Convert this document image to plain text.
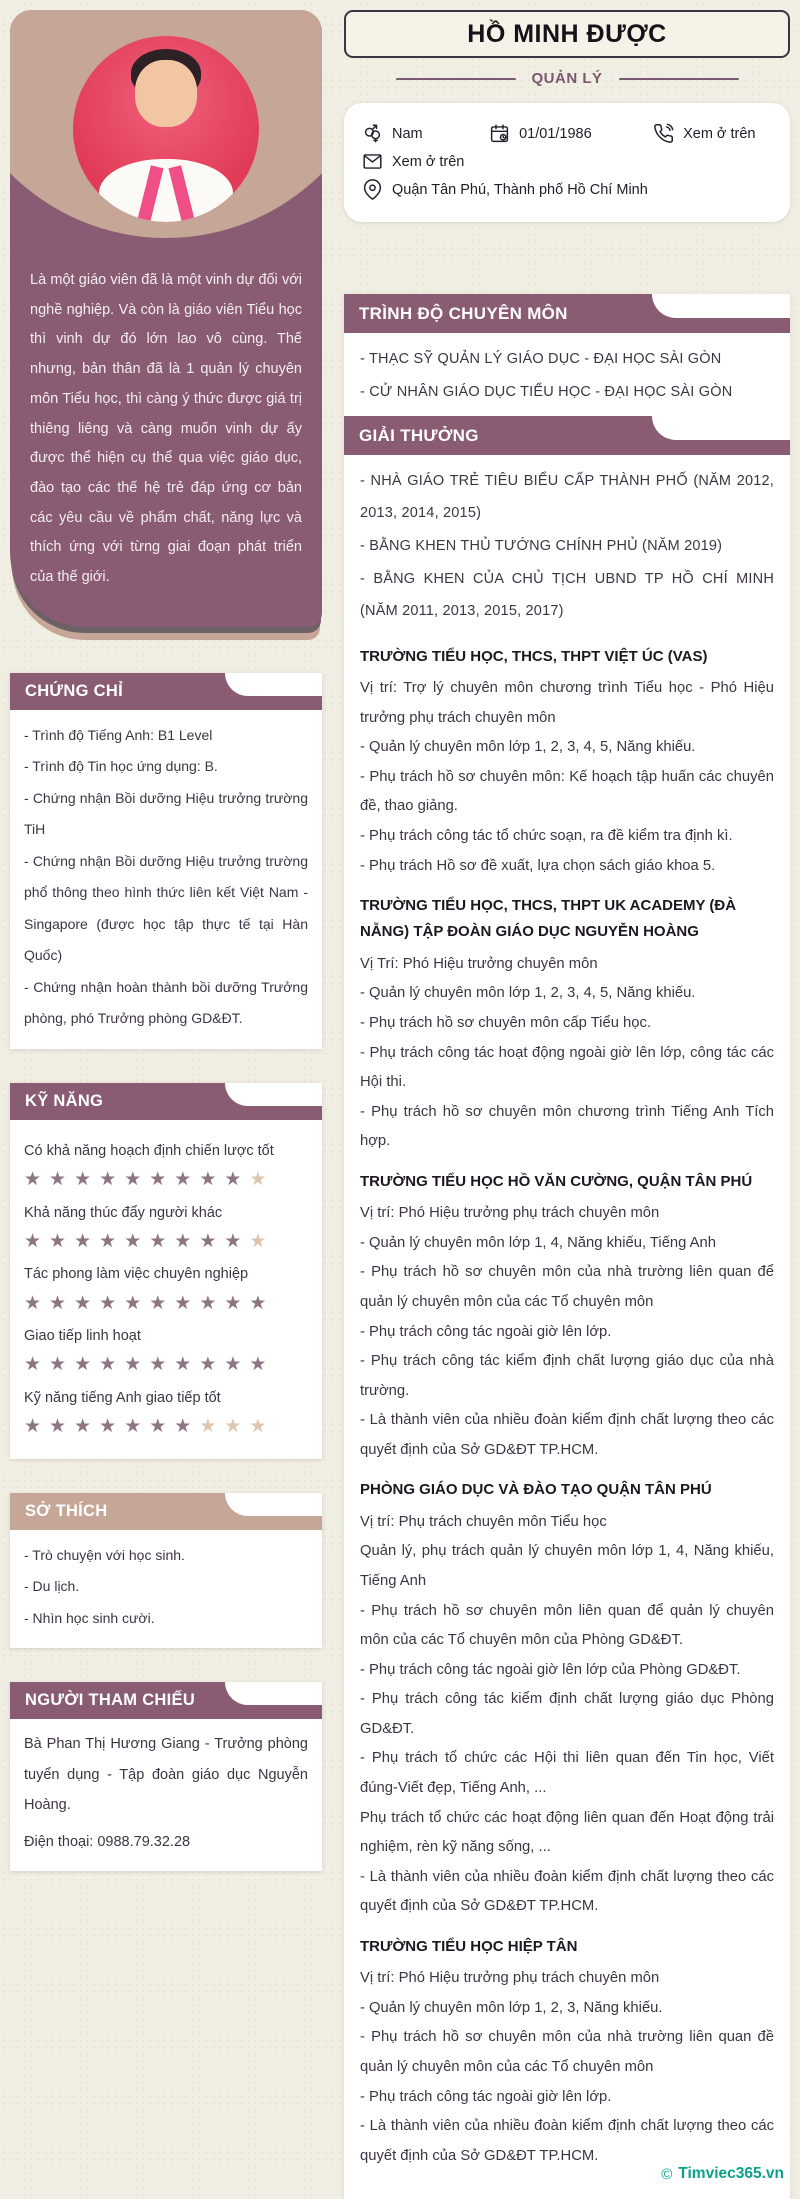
Là một giáo viên đã là một vinh dự đối với nghề nghiệp. Và còn là giáo viên Tiểu học thì vinh dự đó lớn lao vô cùng. Thế nhưng, bản thân đã là 1 quản lý chuyên môn Tiểu học, thì càng ý thức được giá trị thiêng liêng và càng muốn vinh dự ấy được thể hiện cụ thể qua việc giáo dục, đào tạo các thế hệ trẻ đáp ứng cơ bản các yêu cầu về phẩm chất, năng lực và thích ứng với từng giai đoạn phát triển của thế giới.

CHỨNG CHỈ

- Trình độ Tiếng Anh: B1 Level

- Trình độ Tin học ứng dụng: B.

- Chứng nhận Bồi dưỡng Hiệu trưởng trường TiH

- Chứng nhận Bồi dưỡng Hiệu trưởng trường phổ thông theo hình thức liên kết Việt Nam - Singapore (được học tập thực tế tại Hàn Quốc)

- Chứng nhận hoàn thành bồi dưỡng Trưởng phòng, phó Trưởng phòng GD&ĐT.

KỸ NĂNG

Có khả năng hoạch định chiến lược tốt

★ ★ ★ ★ ★ ★ ★ ★ ★ ★

Khả năng thúc đẩy người khác

★ ★ ★ ★ ★ ★ ★ ★ ★ ★

Tác phong làm việc chuyên nghiệp

★ ★ ★ ★ ★ ★ ★ ★ ★ ★

Giao tiếp linh hoạt

★ ★ ★ ★ ★ ★ ★ ★ ★ ★

Kỹ năng tiếng Anh giao tiếp tốt

★ ★ ★ ★ ★ ★ ★ ★ ★ ★
SỞ THÍCH

- Trò chuyện với học sinh.

- Du lịch.

- Nhìn học sinh cười.

NGƯỜI THAM CHIẾU

Bà Phan Thị Hương Giang - Trưởng phòng tuyển dụng - Tập đoàn giáo dục Nguyễn Hoàng.

Điện thoại: 0988.79.32.28

HỒ MINH ĐƯỢC
QUẢN LÝ
Nam	01/01/1986	Xem ở trên
Xem ở trên
Quận Tân Phú, Thành phố Hồ Chí Minh
TRÌNH ĐỘ CHUYÊN MÔN

- THẠC SỸ QUẢN LÝ GIÁO DỤC - ĐẠI HỌC SÀI GÒN

- CỬ NHÂN GIÁO DỤC TIỂU HỌC - ĐẠI HỌC SÀI GÒN

GIẢI THƯỞNG

- NHÀ GIÁO TRẺ TIÊU BIỂU CẤP THÀNH PHỐ (NĂM 2012, 2013, 2014, 2015)

- BẰNG KHEN THỦ TƯỚNG CHÍNH PHỦ (NĂM 2019)

- BẰNG KHEN CỦA CHỦ TỊCH UBND TP HỒ CHÍ MINH (NĂM 2011, 2013, 2015, 2017)

TRƯỜNG TIỂU HỌC, THCS, THPT VIỆT ÚC (VAS)

Vị trí: Trợ lý chuyên môn chương trình Tiểu học - Phó Hiệu trưởng phụ trách chuyên môn

- Quản lý chuyên môn lớp 1, 2, 3, 4, 5, Năng khiếu.

- Phụ trách hồ sơ chuyên môn: Kế hoạch tập huấn các chuyên đề, thao giảng.

- Phụ trách công tác tổ chức soạn, ra đề kiểm tra định kì.

- Phụ trách Hồ sơ đề xuất, lựa chọn sách giáo khoa 5.

TRƯỜNG TIỂU HỌC, THCS, THPT UK ACADEMY (ĐÀ NẴNG) TẬP ĐOÀN GIÁO DỤC NGUYỄN HOÀNG

Vị Trí: Phó Hiệu trưởng chuyên môn

- Quản lý chuyên môn lớp 1, 2, 3, 4, 5, Năng khiếu.

- Phụ trách hồ sơ chuyên môn cấp Tiểu học.

- Phụ trách công tác hoạt động ngoài giờ lên lớp, công tác các Hội thi.

- Phụ trách hồ sơ chuyên môn chương trình Tiếng Anh Tích hợp.

TRƯỜNG TIỂU HỌC HỒ VĂN CƯỜNG, QUẬN TÂN PHÚ

Vị trí: Phó Hiệu trưởng phụ trách chuyên môn

- Quản lý chuyên môn lớp 1, 4, Năng khiếu, Tiếng Anh

- Phụ trách hồ sơ chuyên môn của nhà trường liên quan để quản lý chuyên môn của các Tổ chuyên môn

- Phụ trách công tác ngoài giờ lên lớp.

- Phụ trách công tác kiểm định chất lượng giáo dục của nhà trường.

- Là thành viên của nhiều đoàn kiểm định chất lượng theo các quyết định của Sở GD&ĐT TP.HCM.

PHÒNG GIÁO DỤC VÀ ĐÀO TẠO QUẬN TÂN PHÚ

Vị trí: Phụ trách chuyên môn Tiểu học

Quản lý, phụ trách quản lý chuyên môn lớp 1, 4, Năng khiếu, Tiếng Anh

- Phụ trách hồ sơ chuyên môn liên quan để quản lý chuyên môn của các Tổ chuyên môn của Phòng GD&ĐT.

- Phụ trách công tác ngoài giờ lên lớp của Phòng GD&ĐT.

- Phụ trách công tác kiểm định chất lượng giáo dục Phòng GD&ĐT.

- Phụ trách tổ chức các Hội thi liên quan đến Tin học, Viết đúng-Viết đẹp, Tiếng Anh, ...

Phụ trách tổ chức các hoạt động liên quan đến Hoạt động trải nghiệm, rèn kỹ năng sống, ...

- Là thành viên của nhiều đoàn kiểm định chất lượng theo các quyết định của Sở GD&ĐT TP.HCM.

TRƯỜNG TIỂU HỌC HIỆP TÂN

Vị trí: Phó Hiệu trưởng phụ trách chuyên môn

- Quản lý chuyên môn lớp 1, 2, 3, Năng khiếu.

- Phụ trách hồ sơ chuyên môn của nhà trường liên quan đề quản lý chuyên môn của các Tổ chuyên môn

- Phụ trách công tác ngoài giờ lên lớp.

- Là thành viên của nhiều đoàn kiểm định chất lượng theo các quyết định của Sở GD&ĐT TP.HCM.

© Timviec365.vn
